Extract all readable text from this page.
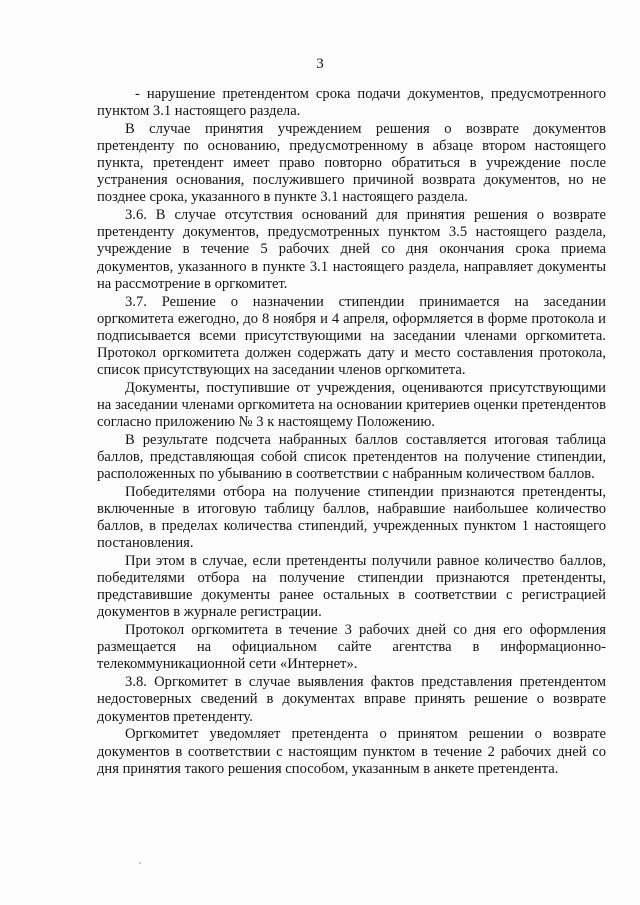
3

- нарушение претендентом срока подачи документов, предусмотренного пунктом 3.1 настоящего раздела.

В случае принятия учреждением решения о возврате документов претенденту по основанию, предусмотренному в абзаце втором настоящего пункта, претендент имеет право повторно обратиться в учреждение после устранения основания, послужившего причиной возврата документов, но не позднее срока, указанного в пункте 3.1 настоящего раздела.

3.6. В случае отсутствия оснований для принятия решения о возврате претенденту документов, предусмотренных пунктом 3.5 настоящего раздела, учреждение в течение 5 рабочих дней со дня окончания срока приема документов, указанного в пункте 3.1 настоящего раздела, направляет документы на рассмотрение в оргкомитет.

3.7. Решение о назначении стипендии принимается на заседании оргкомитета ежегодно, до 8 ноября и 4 апреля, оформляется в форме протокола и подписывается всеми присутствующими на заседании членами оргкомитета. Протокол оргкомитета должен содержать дату и место составления протокола, список присутствующих на заседании членов оргкомитета.

Документы, поступившие от учреждения, оцениваются присутствующими на заседании членами оргкомитета на основании критериев оценки претендентов согласно приложению № 3 к настоящему Положению.

В результате подсчета набранных баллов составляется итоговая таблица баллов, представляющая собой список претендентов на получение стипендии, расположенных по убыванию в соответствии с набранным количеством баллов.

Победителями отбора на получение стипендии признаются претенденты, включенные в итоговую таблицу баллов, набравшие наибольшее количество баллов, в пределах количества стипендий, учрежденных пунктом 1 настоящего постановления.

При этом в случае, если претенденты получили равное количество баллов, победителями отбора на получение стипендии признаются претенденты, представившие документы ранее остальных в соответствии с регистрацией документов в журнале регистрации.

Протокол оргкомитета в течение 3 рабочих дней со дня его оформления размещается на официальном сайте агентства в информационно-телекоммуникационной сети «Интернет».

3.8. Оргкомитет в случае выявления фактов представления претендентом недостоверных сведений в документах вправе принять решение о возврате документов претенденту.

Оргкомитет уведомляет претендента о принятом решении о возврате документов в соответствии с настоящим пунктом в течение 2 рабочих дней со дня принятия такого решения способом, указанным в анкете претендента.
